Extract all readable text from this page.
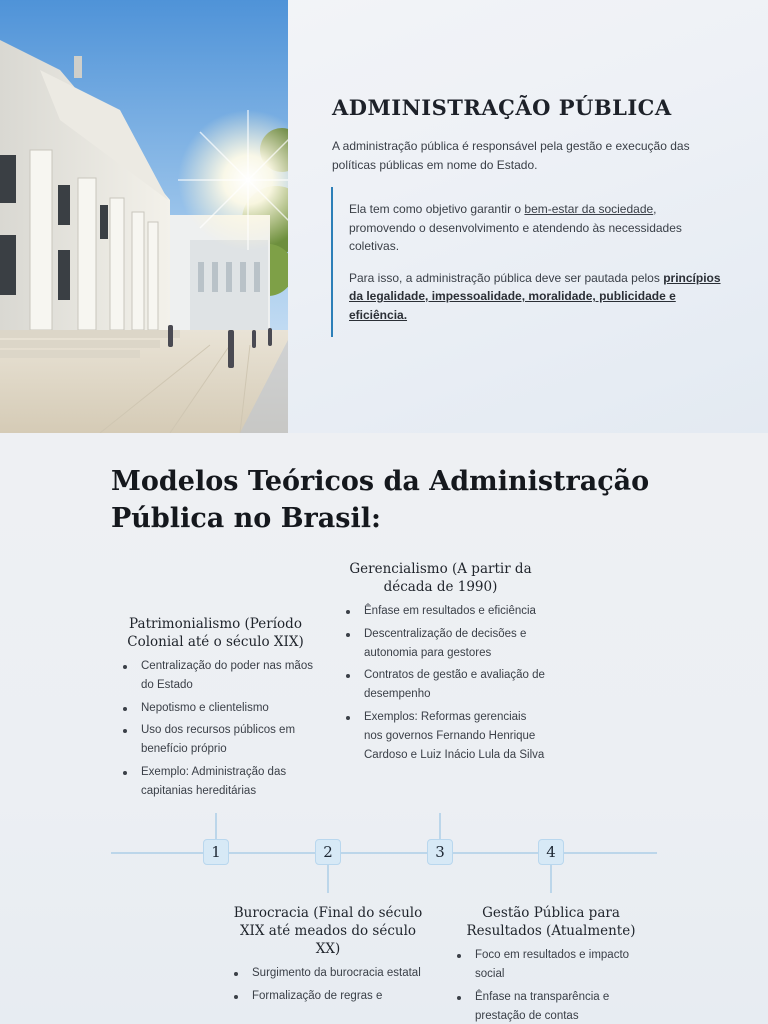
ADMINISTRAÇÃO PÚBLICA

A administração pública é responsável pela gestão e execução das políticas públicas em nome do Estado.

Ela tem como objetivo garantir o bem-estar da sociedade, promovendo o desenvolvimento e atendendo às necessidades coletivas.

Para isso, a administração pública deve ser pautada pelos princípios da legalidade, impessoalidade, moralidade, publicidade e eficiência.

Modelos Teóricos da Administração Pública no Brasil:
Gerencialismo (A partir da década de 1990)
Ênfase em resultados e eficiência
Descentralização de decisões e autonomia para gestores
Contratos de gestão e avaliação de desempenho
Exemplos: Reformas gerenciais nos governos Fernando Henrique Cardoso e Luiz Inácio Lula da Silva
Patrimonialismo (Período Colonial até o século XIX)
Centralização do poder nas mãos do Estado
Nepotismo e clientelismo
Uso dos recursos públicos em benefício próprio
Exemplo: Administração das capitanias hereditárias
1	2	3	4
Burocracia (Final do século XIX até meados do século XX)
Surgimento da burocracia estatal
Formalização de regras e
Gestão Pública para Resultados (Atualmente)
Foco em resultados e impacto social
Ênfase na transparência e prestação de contas
